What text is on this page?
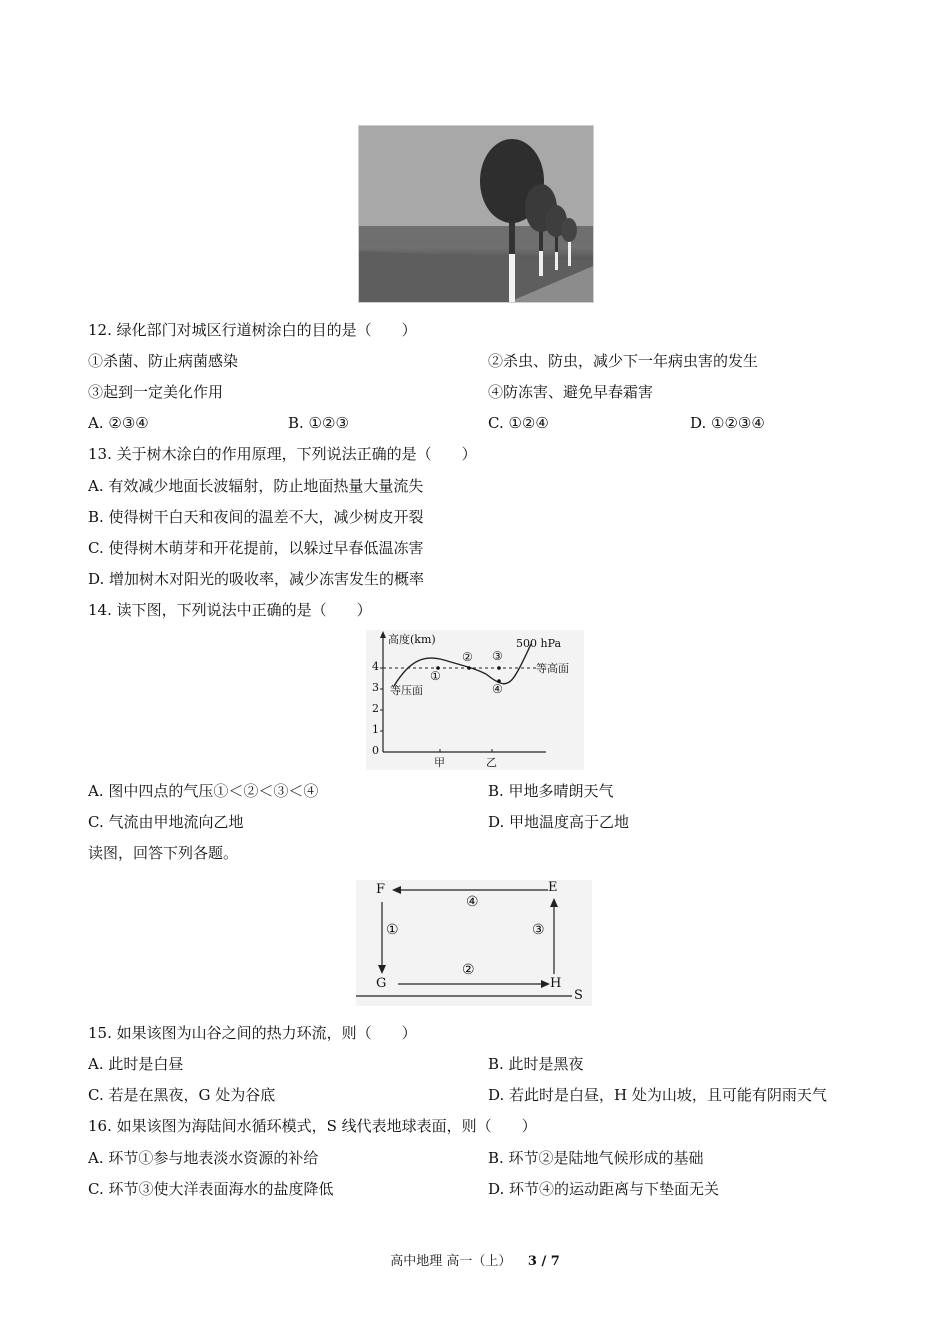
12. 绿化部门对城区行道树涂白的目的是（　　）
①杀菌、防止病菌感染	②杀虫、防虫，减少下一年病虫害的发生
③起到一定美化作用	④防冻害、避免早春霜害
A. ②③④	B. ①②③	C. ①②④	D. ①②③④
13. 关于树木涂白的作用原理，下列说法正确的是（　　）
A. 有效减少地面长波辐射，防止地面热量大量流失
B. 使得树干白天和夜间的温差不大，减少树皮开裂
C. 使得树木萌芽和开花提前，以躲过早春低温冻害
D. 增加树木对阳光的吸收率，减少冻害发生的概率
14. 读下图，下列说法中正确的是（　　）
高度(km)
4
3
2
1
0
500 hPa
等高面
等压面
①
② ③
④
甲	乙
A. 图中四点的气压①＜②＜③＜④	B. 甲地多晴朗天气
C. 气流由甲地流向乙地	D. 甲地温度高于乙地
读图，回答下列各题。
F	E
G	H
S
①
②
③
④
15. 如果该图为山谷之间的热力环流，则（　　）
A. 此时是白昼	B. 此时是黑夜
C. 若是在黑夜，G 处为谷底	D. 若此时是白昼，H 处为山坡，且可能有阴雨天气
16. 如果该图为海陆间水循环模式，S 线代表地球表面，则（　　）
A. 环节①参与地表淡水资源的补给	B. 环节②是陆地气候形成的基础
C. 环节③使大洋表面海水的盐度降低	D. 环节④的运动距离与下垫面无关
高中地理 高一（上） 3 / 7
